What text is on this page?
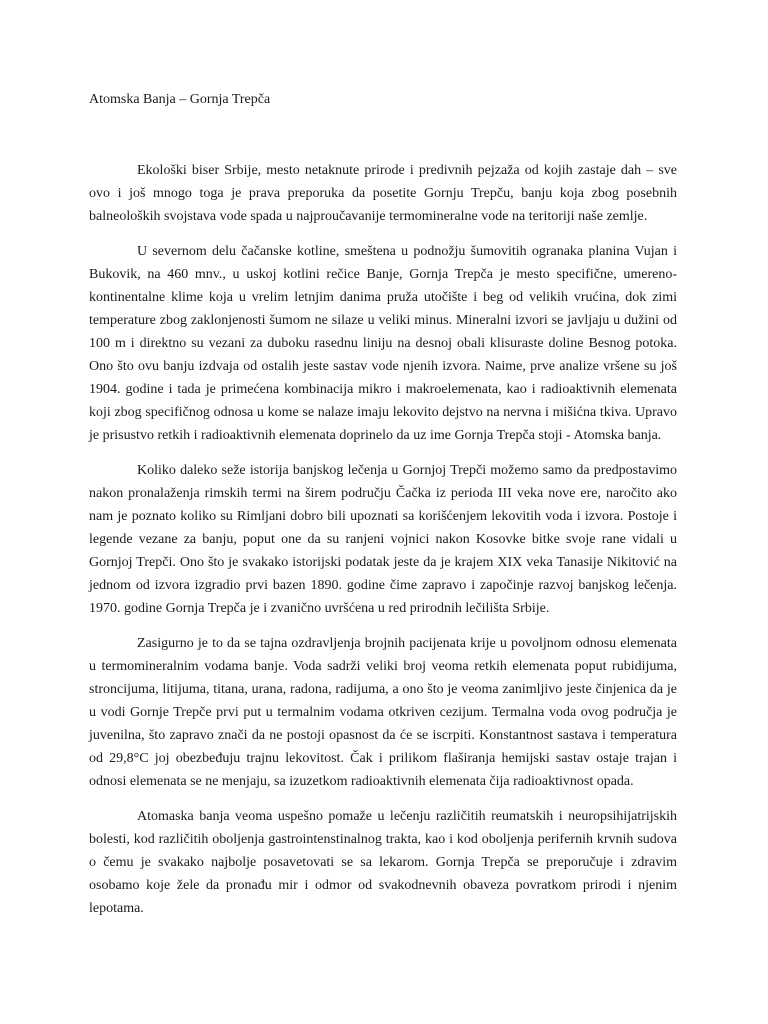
Atomska Banja – Gornja Trepča

Ekološki biser Srbije, mesto netaknute prirode i predivnih pejzaža od kojih zastaje dah – sve ovo i još mnogo toga je prava preporuka da posetite Gornju Trepču, banju koja zbog posebnih balneoloških svojstava vode spada u najproučavanije termomineralne vode na teritoriji naše zemlje.

U severnom delu čačanske kotline, smeštena u podnožju šumovitih ogranaka planina Vujan i Bukovik, na 460 mnv., u uskoj kotlini rečice Banje, Gornja Trepča je mesto specifične, umereno-kontinentalne klime koja u vrelim letnjim danima pruža utočište i beg od velikih vrućina, dok zimi temperature zbog zaklonjenosti šumom ne silaze u veliki minus. Mineralni izvori se javljaju u dužini od 100 m i direktno su vezani za duboku rasednu liniju na desnoj obali klisuraste doline Besnog potoka. Ono što ovu banju izdvaja od ostalih jeste sastav vode njenih izvora. Naime, prve analize vršene su još 1904. godine i tada je primećena kombinacija mikro i makroelemenata, kao i radioaktivnih elemenata koji zbog specifičnog odnosa u kome se nalaze imaju lekovito dejstvo na nervna i mišićna tkiva. Upravo je prisustvo retkih i radioaktivnih elemenata doprinelo da uz ime Gornja Trepča stoji - Atomska banja.

Koliko daleko seže istorija banjskog lečenja u Gornjoj Trepči možemo samo da predpostavimo nakon pronalaženja rimskih termi na širem području Čačka iz perioda III veka nove ere, naročito ako nam je poznato koliko su Rimljani dobro bili upoznati sa korišćenjem lekovitih voda i izvora. Postoje i legende vezane za banju, poput one da su ranjeni vojnici nakon Kosovke bitke svoje rane vidali u Gornjoj Trepči. Ono što je svakako istorijski podatak jeste da je krajem XIX veka Tanasije Nikitović na jednom od izvora izgradio prvi bazen 1890. godine čime zapravo i započinje razvoj banjskog lečenja. 1970. godine Gornja Trepča je i zvanično uvršćena u red prirodnih lečilišta Srbije.

Zasigurno je to da se tajna ozdravljenja brojnih pacijenata krije u povoljnom odnosu elemenata u termomineralnim vodama banje. Voda sadrži veliki broj veoma retkih elemenata poput rubidijuma, stroncijuma, litijuma, titana, urana, radona, radijuma, a ono što je veoma zanimljivo jeste činjenica da je u vodi Gornje Trepče prvi put u termalnim vodama otkriven cezijum. Termalna voda ovog područja je juvenilna, što zapravo znači da ne postoji opasnost da će se iscrpiti. Konstantnost sastava i temperatura od 29,8°C joj obezbeđuju trajnu lekovitost. Čak i prilikom flaširanja hemijski sastav ostaje trajan i odnosi elemenata se ne menjaju, sa izuzetkom radioaktivnih elemenata čija radioaktivnost opada.

Atomaska banja veoma uspešno pomaže u lečenju različitih reumatskih i neuropsihijatrijskih bolesti, kod različitih oboljenja gastrointenstinalnog trakta, kao i kod oboljenja perifernih krvnih sudova o čemu je svakako najbolje posavetovati se sa lekarom. Gornja Trepča se preporučuje i zdravim osobamo koje žele da pronađu mir i odmor od svakodnevnih obaveza povratkom prirodi i njenim lepotama.
